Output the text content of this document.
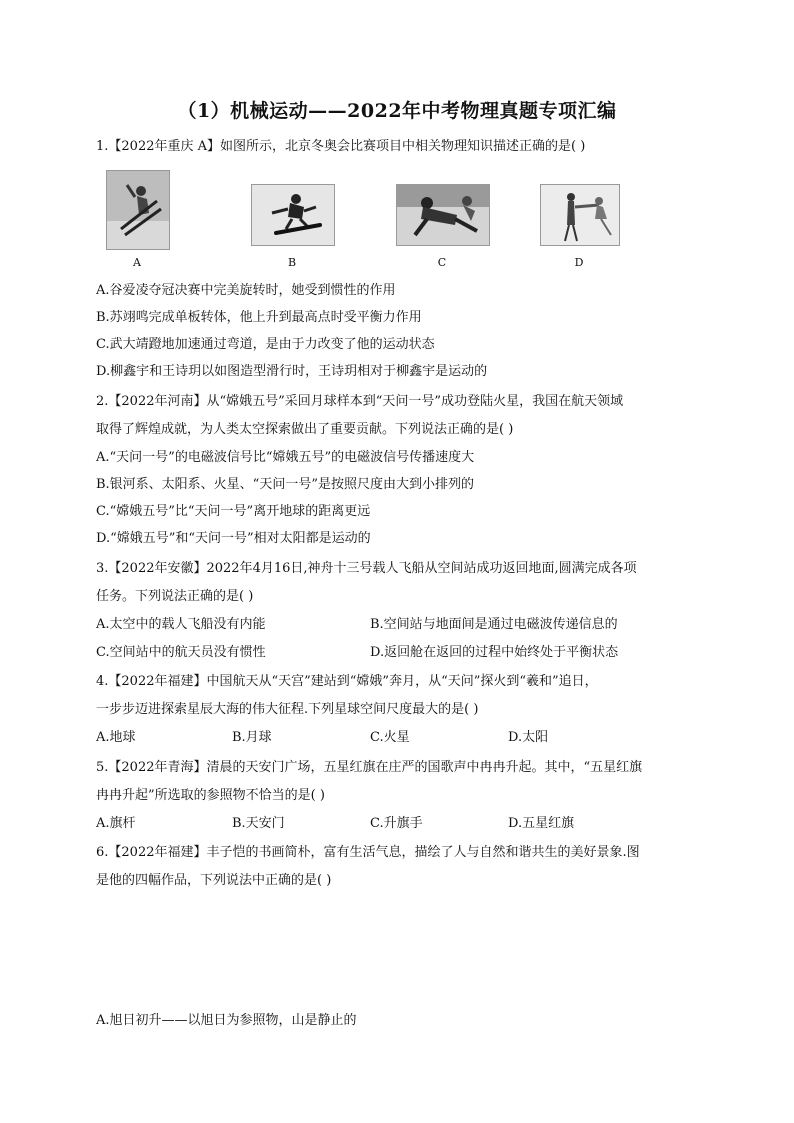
（1）机械运动——2022年中考物理真题专项汇编
1.【2022年重庆 A】如图所示，北京冬奥会比赛项目中相关物理知识描述正确的是( )
A	B	C	D
A.谷爱凌夺冠决赛中完美旋转时，她受到惯性的作用
B.苏翊鸣完成单板转体，他上升到最高点时受平衡力作用
C.武大靖蹬地加速通过弯道，是由于力改变了他的运动状态
D.柳鑫宇和王诗玥以如图造型滑行时，王诗玥相对于柳鑫宇是运动的
2.【2022年河南】从“嫦娥五号”采回月球样本到“天问一号”成功登陆火星，我国在航天领域
取得了辉煌成就，为人类太空探索做出了重要贡献。下列说法正确的是( )
A.“天问一号”的电磁波信号比“嫦娥五号”的电磁波信号传播速度大
B.银河系、太阳系、火星、“天问一号”是按照尺度由大到小排列的
C.“嫦娥五号”比“天问一号”离开地球的距离更远
D.“嫦娥五号”和“天问一号”相对太阳都是运动的
3.【2022年安徽】2022年4月16日,神舟十三号载人飞船从空间站成功返回地面,圆满完成各项
任务。下列说法正确的是( )
A.太空中的载人飞船没有内能	B.空间站与地面间是通过电磁波传递信息的
C.空间站中的航天员没有惯性	D.返回舱在返回的过程中始终处于平衡状态
4.【2022年福建】中国航天从“天宫”建站到“嫦娥”奔月，从“天问”探火到“羲和”追日，
一步步迈进探索星辰大海的伟大征程.下列星球空间尺度最大的是( )
A.地球	B.月球	C.火星	D.太阳
5.【2022年青海】清晨的天安门广场，五星红旗在庄严的国歌声中冉冉升起。其中，“五星红旗
冉冉升起”所选取的参照物不恰当的是( )
A.旗杆	B.天安门	C.升旗手	D.五星红旗
6.【2022年福建】丰子恺的书画简朴，富有生活气息，描绘了人与自然和谐共生的美好景象.图
是他的四幅作品，下列说法中正确的是( )
A.旭日初升——以旭日为参照物，山是静止的
